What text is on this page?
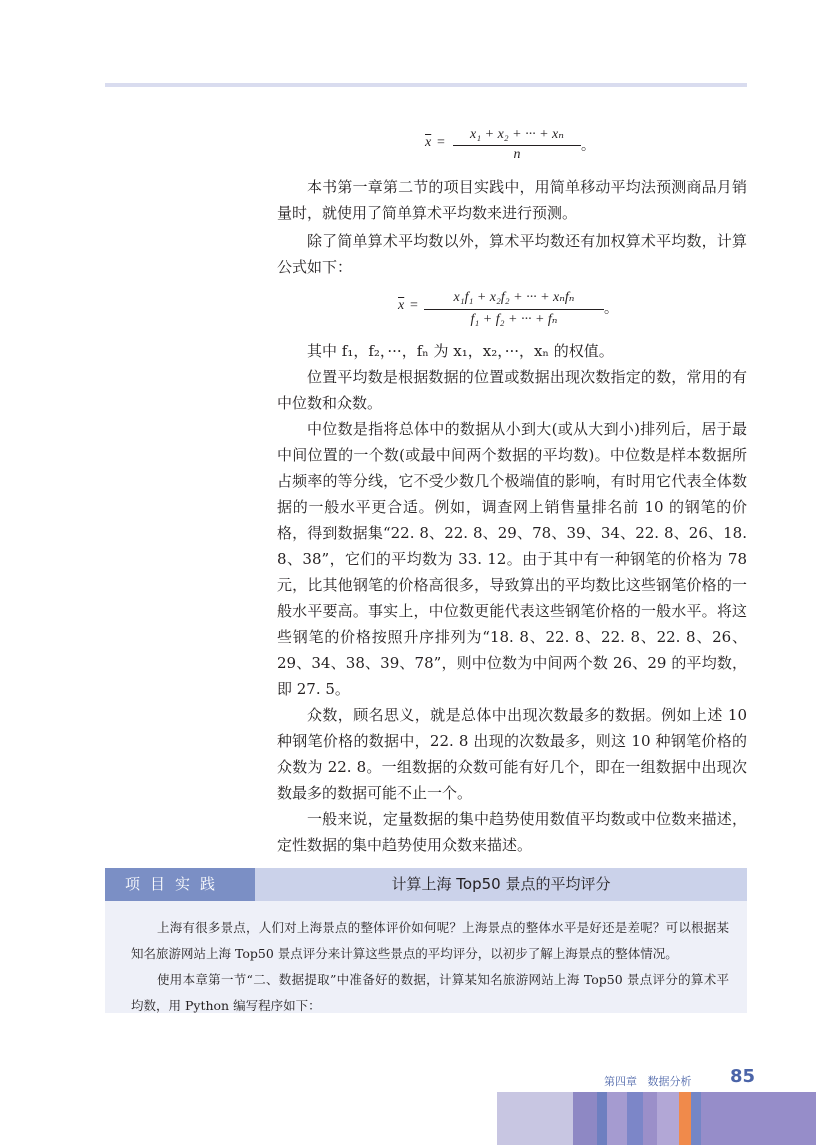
$\overline{x}$ =
x₁ + x₂ + ··· + xₙ
n
。

本书第一章第二节的项目实践中，用简单移动平均法预测商品月销量时，就使用了简单算术平均数来进行预测。

除了简单算术平均数以外，算术平均数还有加权算术平均数，计算公式如下：

$\overline{x}$ =
x₁f₁ + x₂f₂ + ··· + xₙfₙ
f₁ + f₂ + ··· + fₙ
。

其中 f₁，f₂，···，fₙ 为 x₁，x₂，···，xₙ 的权值。

位置平均数是根据数据的位置或数据出现次数指定的数，常用的有中位数和众数。

中位数是指将总体中的数据从小到大(或从大到小)排列后，居于最中间位置的一个数(或最中间两个数据的平均数)。中位数是样本数据所占频率的等分线，它不受少数几个极端值的影响，有时用它代表全体数据的一般水平更合适。例如，调查网上销售量排名前 10 的钢笔的价格，得到数据集“22. 8、22. 8、29、78、39、34、22. 8、26、18. 8、38”，它们的平均数为 33. 12。由于其中有一种钢笔的价格为 78 元，比其他钢笔的价格高很多，导致算出的平均数比这些钢笔价格的一般水平要高。事实上，中位数更能代表这些钢笔价格的一般水平。将这些钢笔的价格按照升序排列为“18. 8、22. 8、22. 8、22. 8、26、29、34、38、39、78”，则中位数为中间两个数 26、29 的平均数，即 27. 5。

众数，顾名思义，就是总体中出现次数最多的数据。例如上述 10 种钢笔价格的数据中，22. 8 出现的次数最多，则这 10 种钢笔价格的众数为 22. 8。一组数据的众数可能有好几个，即在一组数据中出现次数最多的数据可能不止一个。

一般来说，定量数据的集中趋势使用数值平均数或中位数来描述，定性数据的集中趋势使用众数来描述。

项目实践	计算上海 Top50 景点的平均评分

上海有很多景点，人们对上海景点的整体评价如何呢？上海景点的整体水平是好还是差呢？可以根据某知名旅游网站上海 Top50 景点评分来计算这些景点的平均评分，以初步了解上海景点的整体情况。

使用本章第一节“二、数据提取”中准备好的数据，计算某知名旅游网站上海 Top50 景点评分的算术平均数，用 Python 编写程序如下：

第四章 数据分析 85
